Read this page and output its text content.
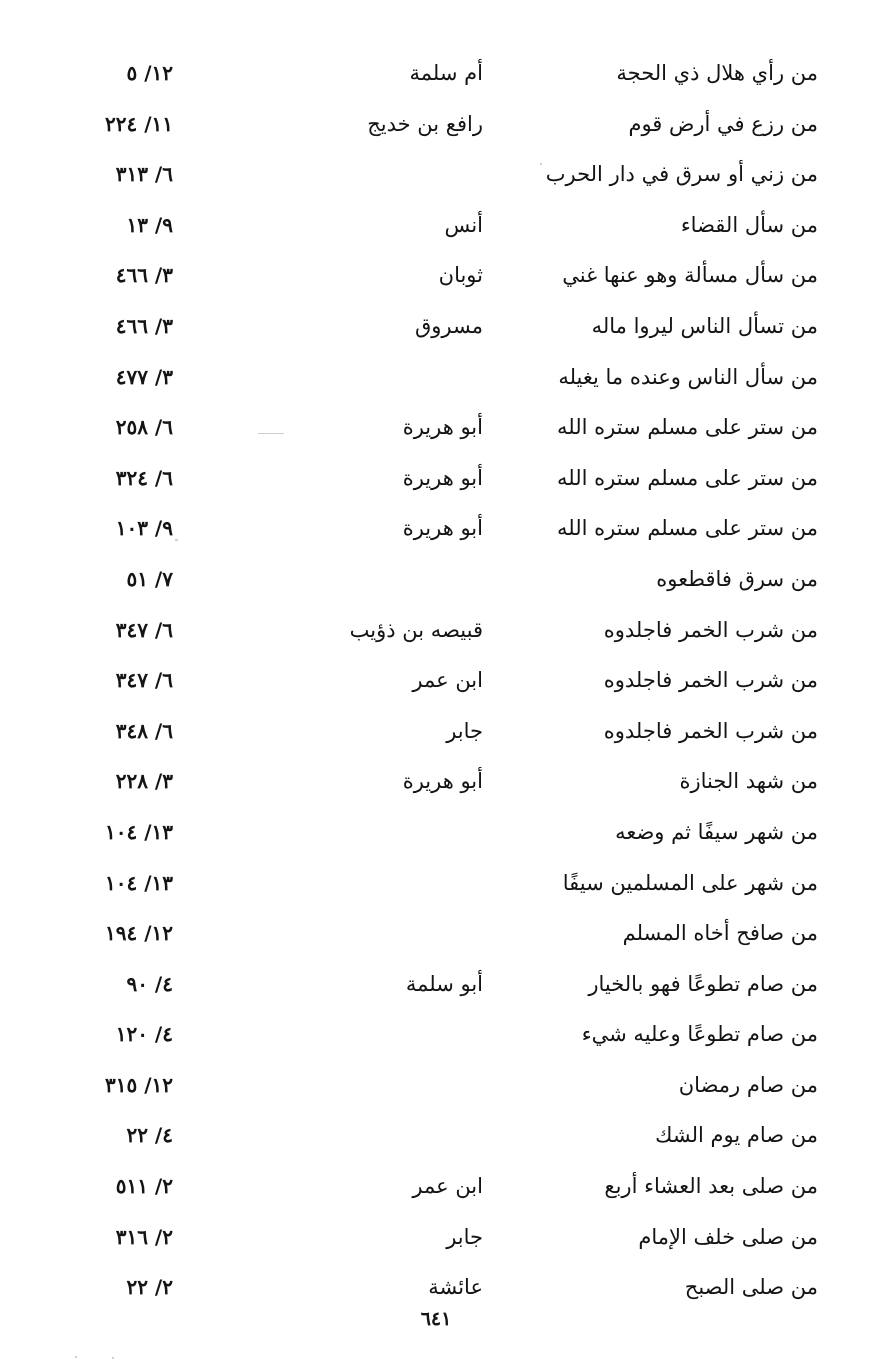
من رأي هلال ذي الحجة
أم سلمة
١٢/ ٥
من رزع في أرض قوم
رافع بن خديج
١١/ ٢٢٤
من زني أو سرق في دار الحرب
٦/ ٣١٣
من سأل القضاء
أنس
٩/ ١٣
من سأل مسألة وهو عنها غني
ثوبان
٣/ ٤٦٦
من تسأل الناس ليروا ماله
مسروق
٣/ ٤٦٦
من سأل الناس وعنده ما يغيله
٣/ ٤٧٧
من ستر على مسلم ستره الله
أبو هريرة
٦/ ٢٥٨
من ستر على مسلم ستره الله
أبو هريرة
٦/ ٣٢٤
من ستر على مسلم ستره الله
أبو هريرة
٩/ ١٠٣
من سرق فاقطعوه
٧/ ٥١
من شرب الخمر فاجلدوه
قبيصه بن ذؤيب
٦/ ٣٤٧
من شرب الخمر فاجلدوه
ابن عمر
٦/ ٣٤٧
من شرب الخمر فاجلدوه
جابر
٦/ ٣٤٨
من شهد الجنازة
أبو هريرة
٣/ ٢٢٨
من شهر سيفًا ثم وضعه
١٣/ ١٠٤
من شهر على المسلمين سيفًا
١٣/ ١٠٤
من صافح أخاه المسلم
١٢/ ١٩٤
من صام تطوعًا فهو بالخيار
أبو سلمة
٤/ ٩٠
من صام تطوعًا وعليه شيء
٤/ ١٢٠
من صام رمضان
١٢/ ٣١٥
من صام يوم الشك
٤/ ٢٢
من صلى بعد العشاء أربع
ابن عمر
٢/ ٥١١
من صلى خلف الإمام
جابر
٢/ ٣١٦
من صلى الصبح
عائشة
٢/ ٢٢
٦٤١
